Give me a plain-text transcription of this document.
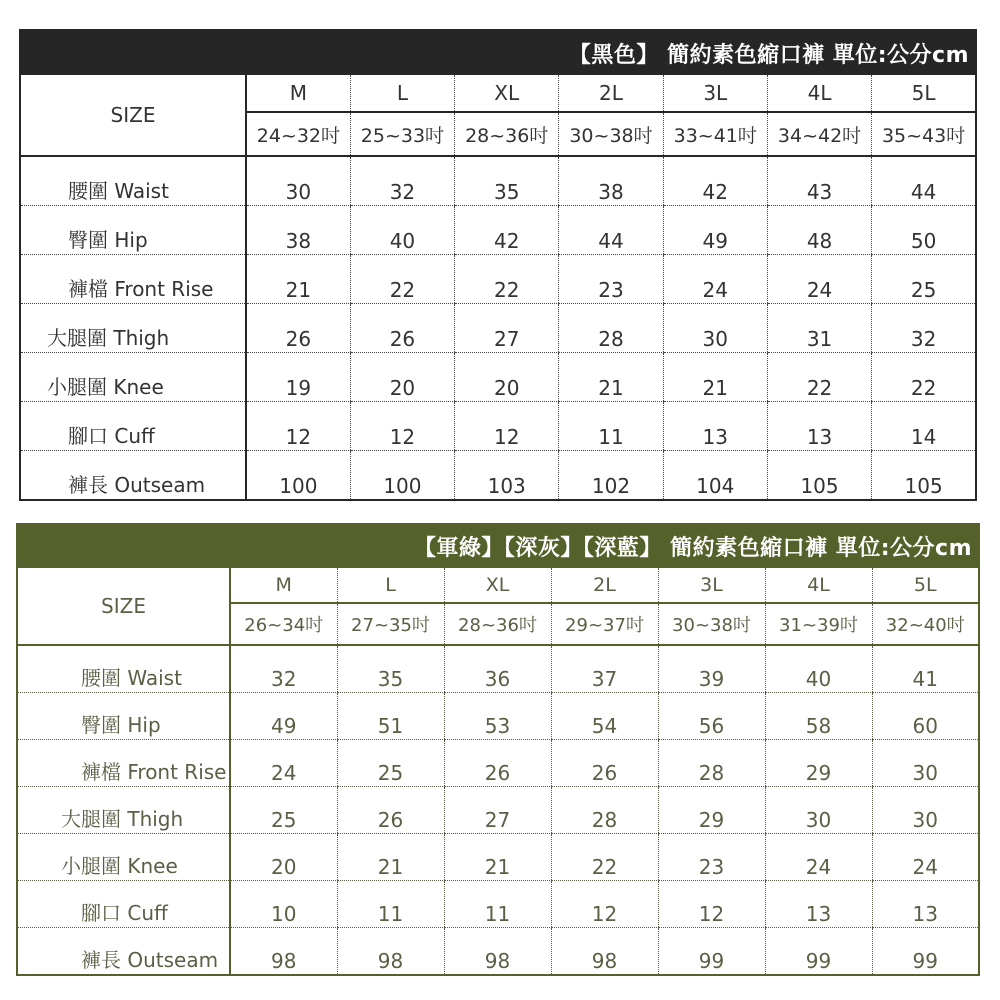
【黑色】 簡約素色縮口褲 單位:公分cm							
SIZE	M	L	XL	2L	3L	4L	5L
	24~32吋	25~33吋	28~36吋	30~38吋	33~41吋	34~42吋	35~43吋
腰圍 Waist	30	32	35	38	42	43	44
臀圍 Hip	38	40	42	44	49	48	50
褲檔 Front Rise	21	22	22	23	24	24	25
大腿圍 Thigh	26	26	27	28	30	31	32
小腿圍 Knee	19	20	20	21	21	22	22
腳口 Cuff	12	12	12	11	13	13	14
褲長 Outseam	100	100	103	102	104	105	105
【軍綠】【深灰】【深藍】 簡約素色縮口褲 單位:公分cm							
SIZE	M	L	XL	2L	3L	4L	5L
	26~34吋	27~35吋	28~36吋	29~37吋	30~38吋	31~39吋	32~40吋
腰圍 Waist	32	35	36	37	39	40	41
臀圍 Hip	49	51	53	54	56	58	60
褲檔 Front Rise	24	25	26	26	28	29	30
大腿圍 Thigh	25	26	27	28	29	30	30
小腿圍 Knee	20	21	21	22	23	24	24
腳口 Cuff	10	11	11	12	12	13	13
褲長 Outseam	98	98	98	98	99	99	99
